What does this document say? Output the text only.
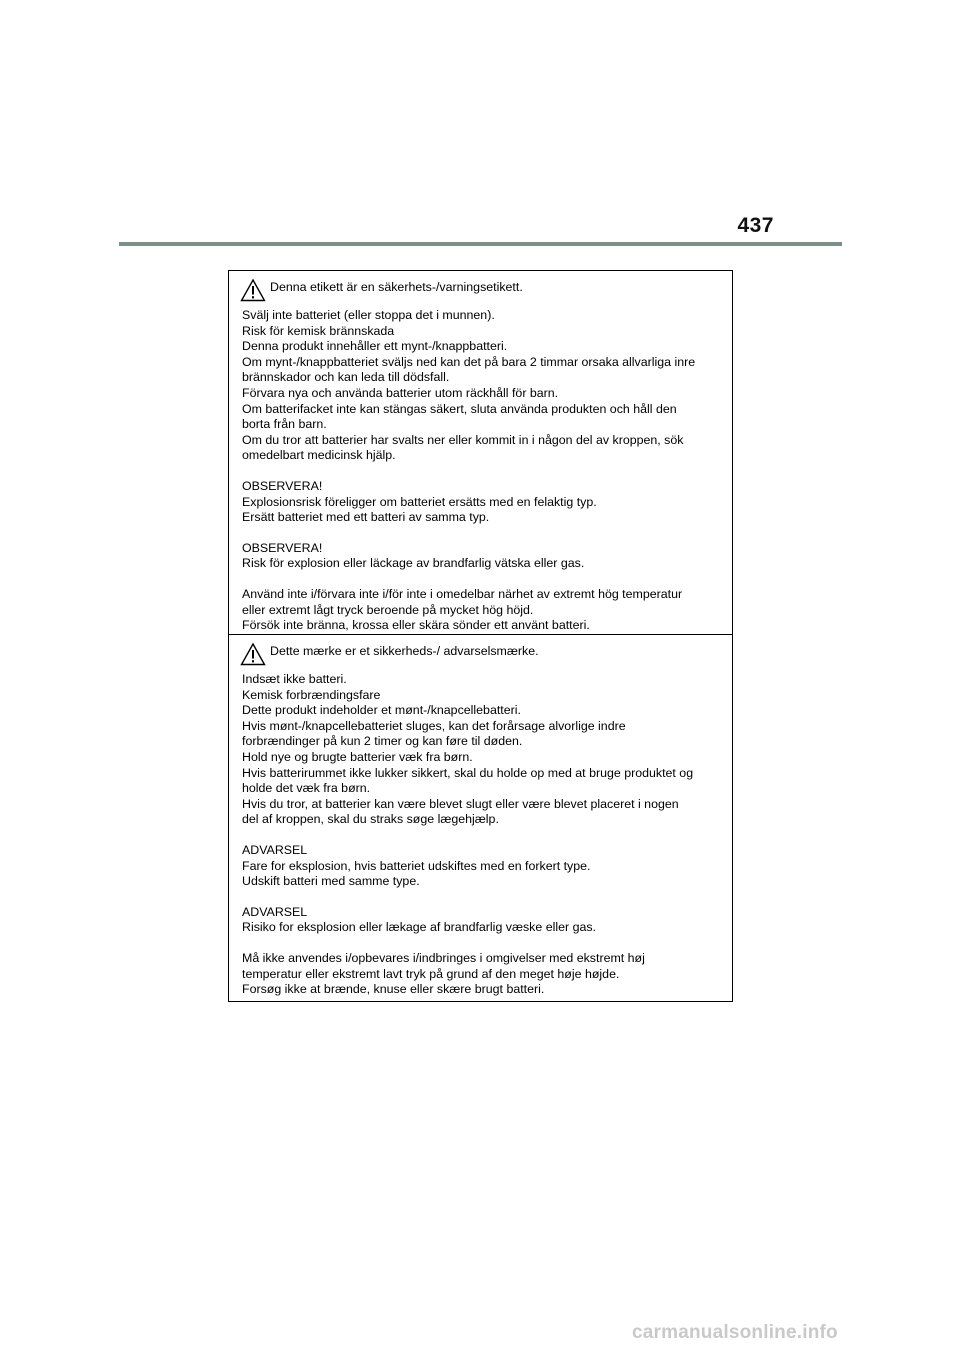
437
Denna etikett är en säkerhets-/varningsetikett.

Svälj inte batteriet (eller stoppa det i munnen).
Risk för kemisk brännskada
Denna produkt innehåller ett mynt-/knappbatteri.
Om mynt-/knappbatteriet sväljs ned kan det på bara 2 timmar orsaka allvarliga inre
brännskador och kan leda till dödsfall.
Förvara nya och använda batterier utom räckhåll för barn.
Om batterifacket inte kan stängas säkert, sluta använda produkten och håll den
borta från barn.
Om du tror att batterier har svalts ner eller kommit in i någon del av kroppen, sök
omedelbart medicinsk hjälp.

OBSERVERA!
Explosionsrisk föreligger om batteriet ersätts med en felaktig typ.
Ersätt batteriet med ett batteri av samma typ.

OBSERVERA!
Risk för explosion eller läckage av brandfarlig vätska eller gas.

Använd inte i/förvara inte i/för inte i omedelbar närhet av extremt hög temperatur
eller extremt lågt tryck beroende på mycket hög höjd.
Försök inte bränna, krossa eller skära sönder ett använt batteri.

Dette mærke er et sikkerheds-/ advarselsmærke.

Indsæt ikke batteri.
Kemisk forbrændingsfare
Dette produkt indeholder et mønt-/knapcellebatteri.
Hvis mønt-/knapcellebatteriet sluges, kan det forårsage alvorlige indre
forbrændinger på kun 2 timer og kan føre til døden.
Hold nye og brugte batterier væk fra børn.
Hvis batterirummet ikke lukker sikkert, skal du holde op med at bruge produktet og
holde det væk fra børn.
Hvis du tror, at batterier kan være blevet slugt eller være blevet placeret i nogen
del af kroppen, skal du straks søge lægehjælp.

ADVARSEL
Fare for eksplosion, hvis batteriet udskiftes med en forkert type.
Udskift batteri med samme type.

ADVARSEL
Risiko for eksplosion eller lækage af brandfarlig væske eller gas.

Må ikke anvendes i/opbevares i/indbringes i omgivelser med ekstremt høj
temperatur eller ekstremt lavt tryk på grund af den meget høje højde.
Forsøg ikke at brænde, knuse eller skære brugt batteri.

carmanualsonline.info
